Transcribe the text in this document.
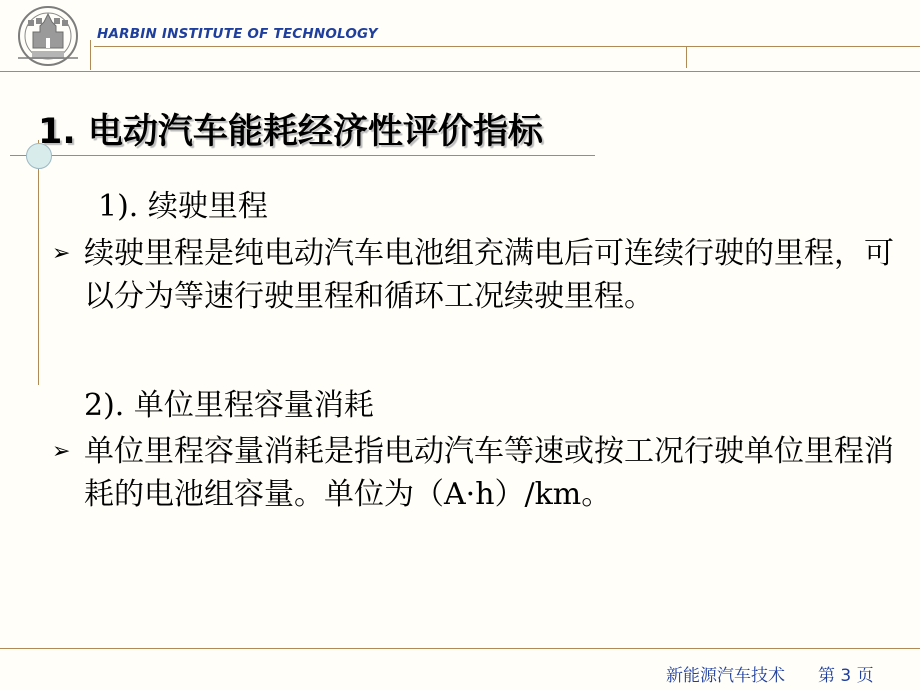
HARBIN INSTITUTE OF TECHNOLOGY
1. 电动汽车能耗经济性评价指标
1). 续驶里程
➢ 续驶里程是纯电动汽车电池组充满电后可连续行驶的里程，可以分为等速行驶里程和循环工况续驶里程。
2). 单位里程容量消耗
➢ 单位里程容量消耗是指电动汽车等速或按工况行驶单位里程消耗的电池组容量。单位为（A·h）/km。
新能源汽车技术 第 3 页
